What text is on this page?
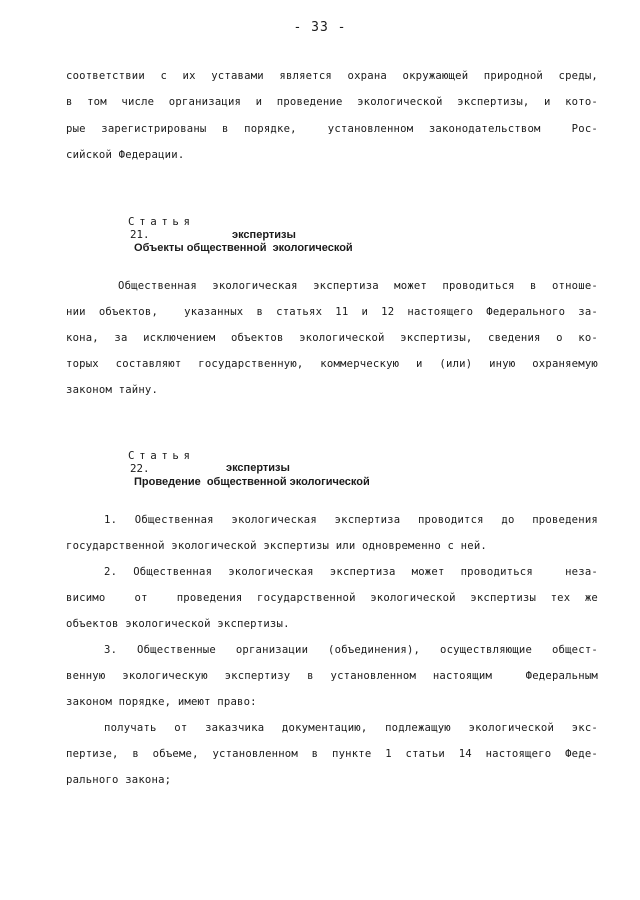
- 33 -
соответствии с их уставами является охрана окружающей природной среды,
в том числе организация и проведение экологической экспертизы, и кото-
рые зарегистрированы в порядке,  установленном законодательством  Рос-
сийской Федерации.

Статья
21.
Объекты общественной  экологической

экспертизы
Общественная экологическая экспертиза может проводиться в отноше-
нии объектов,  указанных в статьях 11 и 12 настоящего Федерального за-
кона, за исключением объектов экологической экспертизы, сведения о ко-
торых составляют государственную, коммерческую и (или) иную охраняемую
законом тайну.

Статья
22.
Проведение  общественной экологической

экспертизы
1. Общественная экологическая экспертиза проводится до проведения
государственной экологической экспертизы или одновременно с ней.
2. Общественная экологическая экспертиза может проводиться  неза-
висимо  от  проведения государственной экологической экспертизы тех же
объектов экологической экспертизы.
3. Общественные организации (объединения), осуществляющие общест-
венную экологическую экспертизу в установленном настоящим  Федеральным
законом порядке, имеют право:
получать от заказчика документацию, подлежащую экологической экс-
пертизе, в объеме, установленном в пункте 1 статьи 14 настоящего Феде-
рального закона;
